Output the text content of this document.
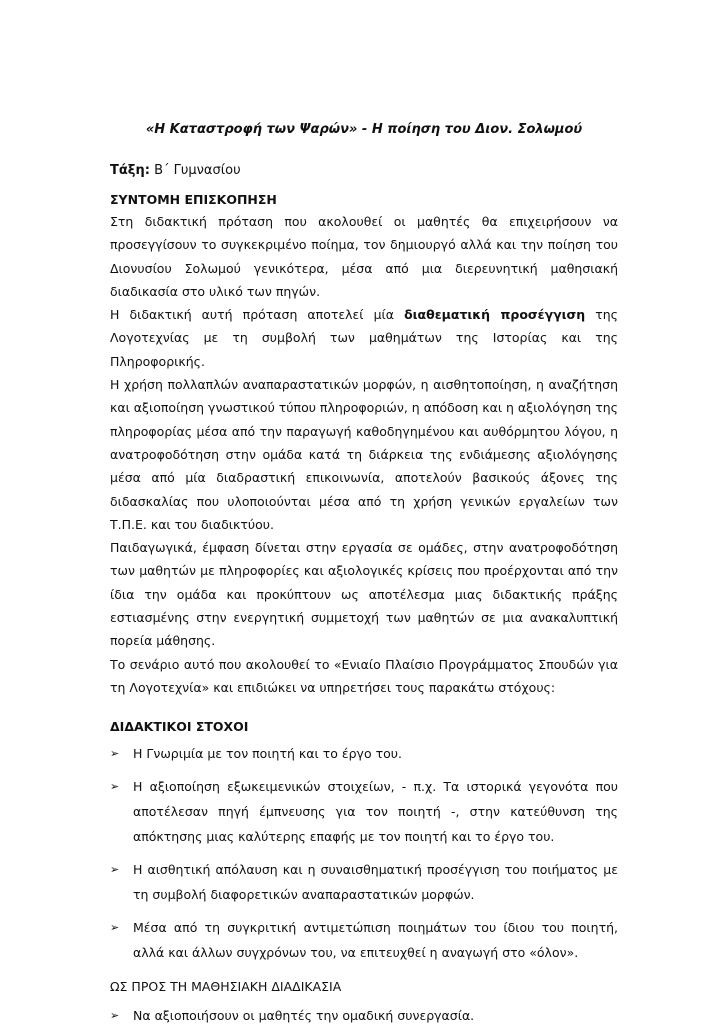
«Η Καταστροφή των Ψαρών» - Η ποίηση του Διον. Σολωμού
Τάξη: Β΄ Γυμνασίου
ΣΥΝΤΟΜΗ ΕΠΙΣΚΟΠΗΣΗ

Στη διδακτική πρόταση που ακολουθεί οι μαθητές θα επιχειρήσουν να προσεγγίσουν το συγκεκριμένο ποίημα, τον δημιουργό αλλά και την ποίηση του Διονυσίου Σολωμού γενικότερα, μέσα από μια διερευνητική μαθησιακή διαδικασία στο υλικό των πηγών.

Η διδακτική αυτή πρόταση αποτελεί μία διαθεματική προσέγγιση της Λογοτεχνίας με τη συμβολή των μαθημάτων της Ιστορίας και της Πληροφορικής.

Η χρήση πολλαπλών αναπαραστατικών μορφών, η αισθητοποίηση, η αναζήτηση και αξιοποίηση γνωστικού τύπου πληροφοριών, η απόδοση και η αξιολόγηση της πληροφορίας μέσα από την παραγωγή καθοδηγημένου και αυθόρμητου λόγου, η ανατροφοδότηση στην ομάδα κατά τη διάρκεια της ενδιάμεσης αξιολόγησης μέσα από μία διαδραστική επικοινωνία, αποτελούν βασικούς άξονες της διδασκαλίας που υλοποιούνται μέσα από τη χρήση γενικών εργαλείων των Τ.Π.Ε. και του διαδικτύου.

Παιδαγωγικά, έμφαση δίνεται στην εργασία σε ομάδες, στην ανατροφοδότηση των μαθητών με πληροφορίες και αξιολογικές κρίσεις που προέρχονται από την ίδια την ομάδα και προκύπτουν ως αποτέλεσμα μιας διδακτικής πράξης εστιασμένης στην ενεργητική συμμετοχή των μαθητών σε μια ανακαλυπτική πορεία μάθησης.

Το σενάριο αυτό που ακολουθεί το «Ενιαίο Πλαίσιο Προγράμματος Σπουδών για τη Λογοτεχνία» και επιδιώκει να υπηρετήσει τους παρακάτω στόχους:

ΔΙΔΑΚΤΙΚΟΙ ΣΤΟΧΟΙ
➢ Η Γνωριμία με τον ποιητή και το έργο του.
➢ Η αξιοποίηση εξωκειμενικών στοιχείων, - π.χ. Τα ιστορικά γεγονότα που αποτέλεσαν πηγή έμπνευσης για τον ποιητή -, στην κατεύθυνση της απόκτησης μιας καλύτερης επαφής με τον ποιητή και το έργο του.
➢ Η αισθητική απόλαυση και η συναισθηματική προσέγγιση του ποιήματος με τη συμβολή διαφορετικών αναπαραστατικών μορφών.
➢ Μέσα από τη συγκριτική αντιμετώπιση ποιημάτων του ίδιου του ποιητή, αλλά και άλλων συγχρόνων του, να επιτευχθεί η αναγωγή στο «όλον».
ΩΣ ΠΡΟΣ ΤΗ ΜΑΘΗΣΙΑΚΗ ΔΙΑΔΙΚΑΣΙΑ
➢ Να αξιοποιήσουν οι μαθητές την ομαδική συνεργασία.
